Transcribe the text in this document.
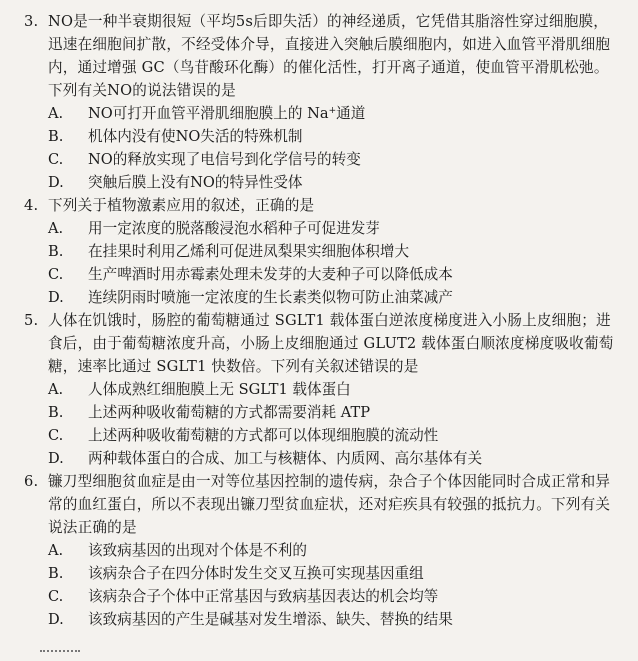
3. NO是一种半衰期很短（平均5s后即失活）的神经递质，它凭借其脂溶性穿过细胞膜，迅速在细胞间扩散，不经受体介导，直接进入突触后膜细胞内，如进入血管平滑肌细胞内，通过增强 GC（鸟苷酸环化酶）的催化活性，打开离子通道，使血管平滑肌松弛。下列有关NO的说法错误的是
A. NO可打开血管平滑肌细胞膜上的 Na+通道
B. 机体内没有使NO失活的特殊机制
C. NO的释放实现了电信号到化学信号的转变
D. 突触后膜上没有NO的特异性受体
4. 下列关于植物激素应用的叙述，正确的是
A. 用一定浓度的脱落酸浸泡水稻种子可促进发芽
B. 在挂果时利用乙烯利可促进凤梨果实细胞体积增大
C. 生产啤酒时用赤霉素处理未发芽的大麦种子可以降低成本
D. 连续阴雨时喷施一定浓度的生长素类似物可防止油菜减产
5. 人体在饥饿时，肠腔的葡萄糖通过 SGLT1 载体蛋白逆浓度梯度进入小肠上皮细胞；进食后，由于葡萄糖浓度升高，小肠上皮细胞通过 GLUT2 载体蛋白顺浓度梯度吸收葡萄糖，速率比通过 SGLT1 快数倍。下列有关叙述错误的是
A. 人体成熟红细胞膜上无 SGLT1 载体蛋白
B. 上述两种吸收葡萄糖的方式都需要消耗 ATP
C. 上述两种吸收葡萄糖的方式都可以体现细胞膜的流动性
D. 两种载体蛋白的合成、加工与核糖体、内质网、高尔基体有关
6. 镰刀型细胞贫血症是由一对等位基因控制的遗传病，杂合子个体因能同时合成正常和异常的血红蛋白，所以不表现出镰刀型贫血症状，还对疟疾具有较强的抵抗力。下列有关说法正确的是
A. 该致病基因的出现对个体是不利的
B. 该病杂合子在四分体时发生交叉互换可实现基因重组
C. 该病杂合子个体中正常基因与致病基因表达的机会均等
D. 该致病基因的产生是碱基对发生增添、缺失、替换的结果
